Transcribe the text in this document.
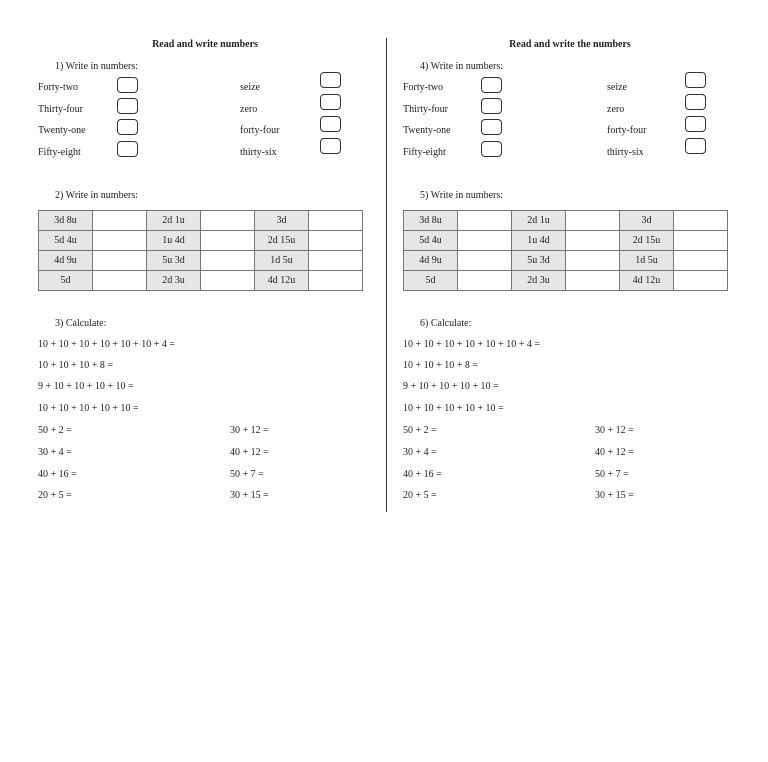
Read and write numbers
1) Write in numbers:
Forty-two
Thirty-four
Twenty-one
Fifty-eight
seize
zero
forty-four
thirty-six
2) Write in numbers:
3d 8u		2d 1u		3d	
5d 4u		1u 4d		2d 15u	
4d 9u		5u 3d		1d 5u	
5d		2d 3u		4d 12u	
3) Calculate:
10 + 10 + 10 + 10 + 10 + 10 + 4 =
10 + 10 + 10 + 8 =
9 + 10 + 10 + 10 + 10 =
10 + 10 + 10 + 10 + 10 =
50 + 2 =
30 + 4 =
40 + 16 =
20 + 5 =
30 + 12 =
40 + 12 =
50 + 7 =
30 + 15 =
Read and write the numbers
4) Write in numbers:
Forty-two
Thirty-four
Twenty-one
Fifty-eight
seize
zero
forty-four
thirty-six
5) Write in numbers:
3d 8u		2d 1u		3d	
5d 4u		1u 4d		2d 15u	
4d 9u		5u 3d		1d 5u	
5d		2d 3u		4d 12u	
6) Calculate:
10 + 10 + 10 + 10 + 10 + 10 + 4 =
10 + 10 + 10 + 8 =
9 + 10 + 10 + 10 + 10 =
10 + 10 + 10 + 10 + 10 =
50 + 2 =
30 + 4 =
40 + 16 =
20 + 5 =
30 + 12 =
40 + 12 =
50 + 7 =
30 + 15 =
